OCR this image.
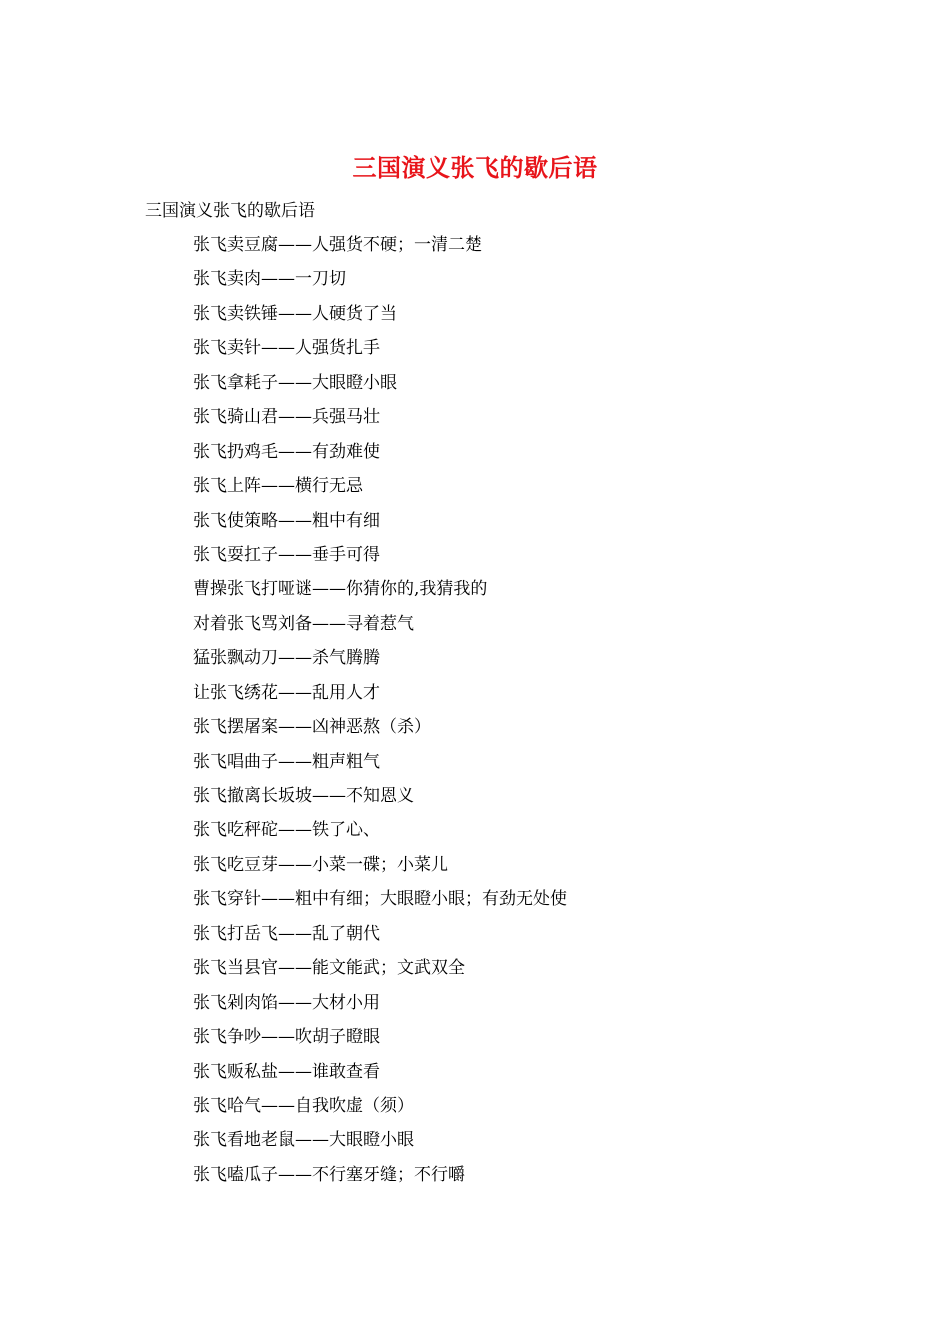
三国演义张飞的歇后语
三国演义张飞的歇后语
张飞卖豆腐——人强货不硬；一清二楚
张飞卖肉——一刀切
张飞卖铁锤——人硬货了当
张飞卖针——人强货扎手
张飞拿耗子——大眼瞪小眼
张飞骑山君——兵强马壮
张飞扔鸡毛——有劲难使
张飞上阵——横行无忌
张飞使策略——粗中有细
张飞耍扛子——垂手可得
曹操张飞打哑谜——你猜你的,我猜我的
对着张飞骂刘备——寻着惹气
猛张飘动刀——杀气腾腾
让张飞绣花——乱用人才
张飞摆屠案——凶神恶熬（杀）
张飞唱曲子——粗声粗气
张飞撤离长坂坡——不知恩义
张飞吃秤砣——铁了心、
张飞吃豆芽——小菜一碟；小菜儿
张飞穿针——粗中有细；大眼瞪小眼；有劲无处使
张飞打岳飞——乱了朝代
张飞当县官——能文能武；文武双全
张飞剁肉馅——大材小用
张飞争吵——吹胡子瞪眼
张飞贩私盐——谁敢查看
张飞哈气——自我吹虚（须）
张飞看地老鼠——大眼瞪小眼
张飞嗑瓜子——不行塞牙缝；不行嚼
